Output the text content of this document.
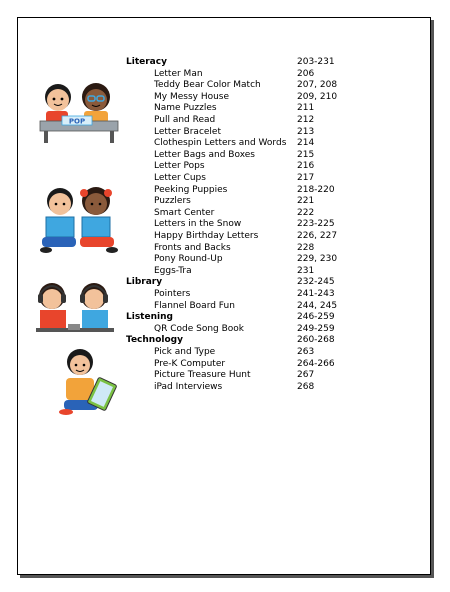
POP
Literacy	203-231
Letter Man	206
Teddy Bear Color Match	207, 208
My Messy House	209, 210
Name Puzzles	211
Pull and Read	212
Letter Bracelet	213
Clothespin Letters and Words 214
Letter Bags and Boxes	215
Letter Pops	216
Letter Cups	217
Peeking Puppies	218-220
Puzzlers	221
Smart Center	222
Letters in the Snow	223-225
Happy Birthday Letters	226, 227
Fronts and Backs	228
Pony Round-Up	229, 230
Eggs-Tra	231
Library	232-245
Pointers	241-243
Flannel Board Fun	244, 245
Listening	246-259
QR Code Song Book	249-259
Technology	260-268
Pick and Type	263
Pre-K Computer	264-266
Picture Treasure Hunt	267
iPad Interviews	268
